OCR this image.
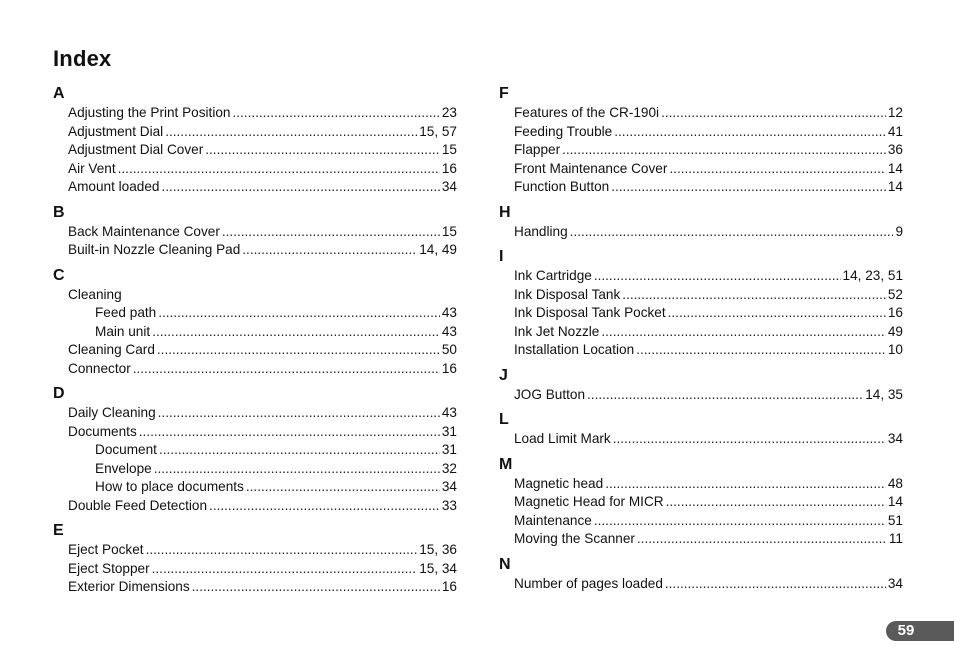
Index
A
Adjusting the Print Position .....	23
Adjustment Dial .....	15, 57
Adjustment Dial Cover .....	15
Air Vent .....	16
Amount loaded .....	34
B
Back Maintenance Cover .....	15
Built-in Nozzle Cleaning Pad .....	14, 49
C
Cleaning
Feed path .....	43
Main unit .....	43
Cleaning Card .....	50
Connector .....	16
D
Daily Cleaning .....	43
Documents .....	31
Document .....	31
Envelope .....	32
How to place documents .....	34
Double Feed Detection .....	33
E
Eject Pocket .....	15, 36
Eject Stopper .....	15, 34
Exterior Dimensions .....	16
F
Features of the CR-190i .....	12
Feeding Trouble .....	41
Flapper .....	36
Front Maintenance Cover .....	14
Function Button .....	14
H
Handling .....	9
I
Ink Cartridge .....	14, 23, 51
Ink Disposal Tank .....	52
Ink Disposal Tank Pocket .....	16
Ink Jet Nozzle .....	49
Installation Location .....	10
J
JOG Button .....	14, 35
L
Load Limit Mark .....	34
M
Magnetic head .....	48
Magnetic Head for MICR .....	14
Maintenance .....	51
Moving the Scanner .....	11
N
Number of pages loaded .....	34
59
